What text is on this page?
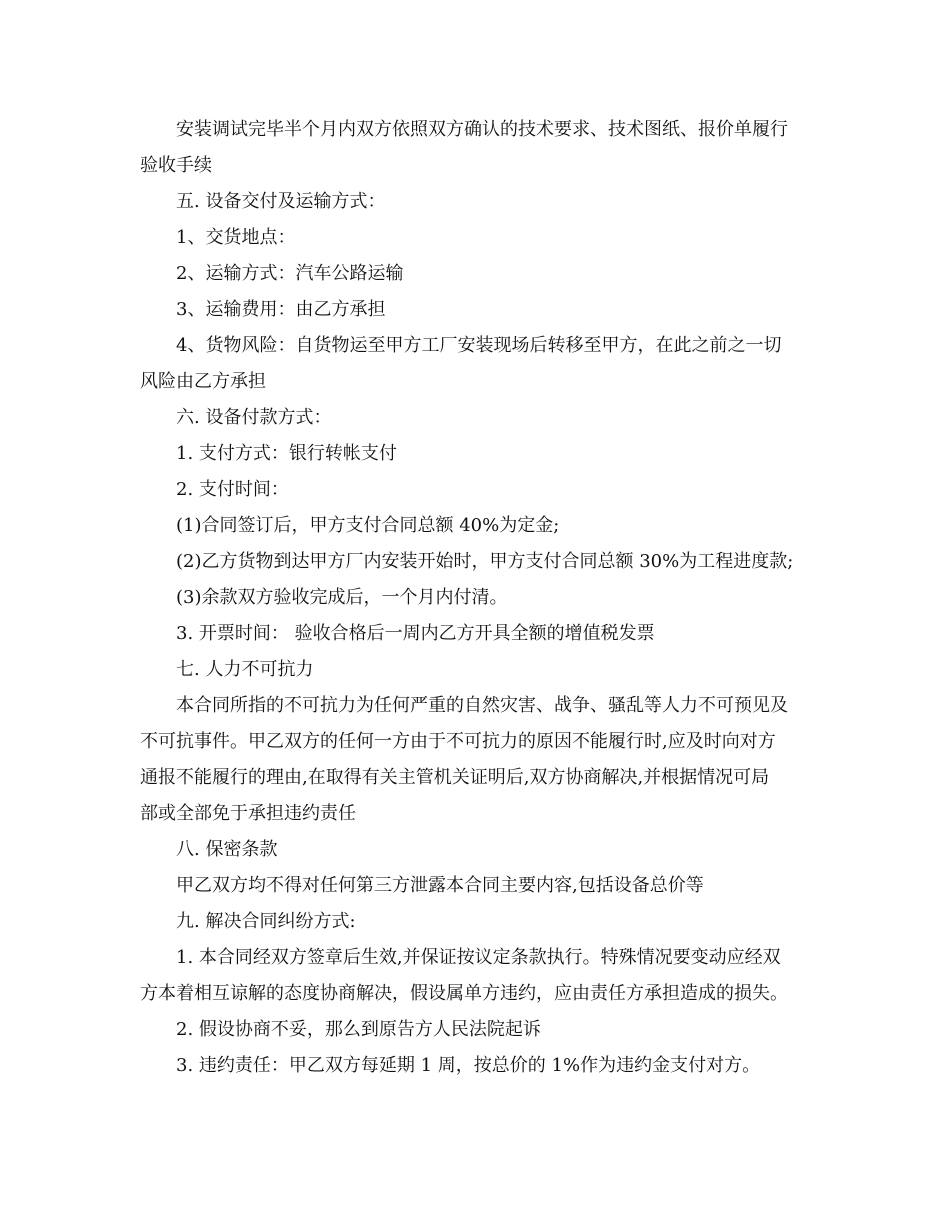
安装调试完毕半个月内双方依照双方确认的技术要求、技术图纸、报价单履行

验收手续

五. 设备交付及运输方式：

1、交货地点：

2、运输方式：汽车公路运输

3、运输费用：由乙方承担

4、货物风险：自货物运至甲方工厂安装现场后转移至甲方，在此之前之一切

风险由乙方承担

六. 设备付款方式：

1. 支付方式：银行转帐支付

2. 支付时间：

(1)合同签订后，甲方支付合同总额 40%为定金;

(2)乙方货物到达甲方厂内安装开始时，甲方支付合同总额 30%为工程进度款;

(3)余款双方验收完成后，一个月内付清。

3. 开票时间： 验收合格后一周内乙方开具全额的增值税发票

七. 人力不可抗力

本合同所指的不可抗力为任何严重的自然灾害、战争、骚乱等人力不可预见及

不可抗事件。甲乙双方的任何一方由于不可抗力的原因不能履行时,应及时向对方

通报不能履行的理由,在取得有关主管机关证明后,双方协商解决,并根据情况可局

部或全部免于承担违约责任

八. 保密条款

甲乙双方均不得对任何第三方泄露本合同主要内容,包括设备总价等

九. 解决合同纠纷方式:

1. 本合同经双方签章后生效,并保证按议定条款执行。特殊情况要变动应经双

方本着相互谅解的态度协商解决，假设属单方违约，应由责任方承担造成的损失。

2. 假设协商不妥，那么到原告方人民法院起诉

3. 违约责任：甲乙双方每延期 1 周，按总价的 1%作为违约金支付对方。
